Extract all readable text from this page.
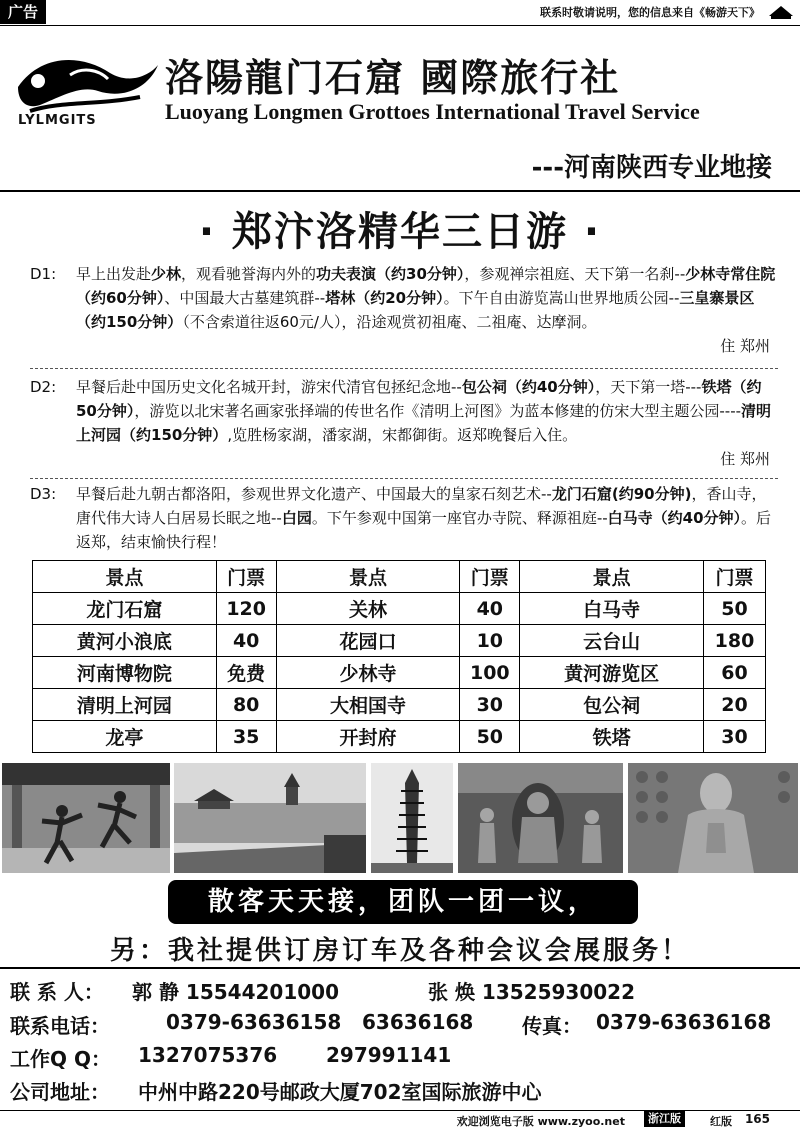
广告	联系时敬请说明，您的信息来自《畅游天下》
LYLMGITS
洛陽龍门石窟 國際旅行社
Luoyang Longmen Grottoes International Travel Service
---河南陕西专业地接
· 郑汴洛精华三日游 ·
D1: 早上出发赴少林，观看驰誉海内外的功夫表演（约30分钟），参观禅宗祖庭、天下第一名刹--少林寺常住院（约60分钟）、中国最大古墓建筑群--塔林（约20分钟）。下午自由游览嵩山世界地质公园--三皇寨景区（约150分钟）（不含索道往返60元/人），沿途观赏初祖庵、二祖庵、达摩洞。
住 郑州
D2: 早餐后赴中国历史文化名城开封，游宋代清官包拯纪念地--包公祠（约40分钟），天下第一塔---铁塔（约50分钟），游览以北宋著名画家张择端的传世名作《清明上河图》为蓝本修建的仿宋大型主题公园----清明上河园（约150分钟）,览胜杨家湖，潘家湖，宋都御街。返郑晚餐后入住。
住 郑州
D3: 早餐后赴九朝古都洛阳，参观世界文化遗产、中国最大的皇家石刻艺术--龙门石窟(约90分钟)，香山寺，唐代伟大诗人白居易长眠之地--白园。下午参观中国第一座官办寺院、释源祖庭--白马寺（约40分钟）。后返郑，结束愉快行程！
景点	门票	景点	门票	景点	门票
龙门石窟	120	关林	40	白马寺	50
黄河小浪底	40	花园口	10	云台山	180
河南博物院	免费	少林寺	100	黄河游览区	60
清明上河园	80	大相国寺	30	包公祠	20
龙亭	35	开封府	50	铁塔	30
散客天天接，团队一团一议，
另：我社提供订房订车及各种会议会展服务！
联 系 人： 郭 静 15544201000	张 焕 13525930022
联系电话：	0379-63636158 63636168 传真： 0379-63636168
工作Q Q： 1327075376 297991141
公司地址： 中州中路220号邮政大厦702室国际旅游中心
欢迎浏览电子版 www.zyoo.net	浙江版	红版 165
